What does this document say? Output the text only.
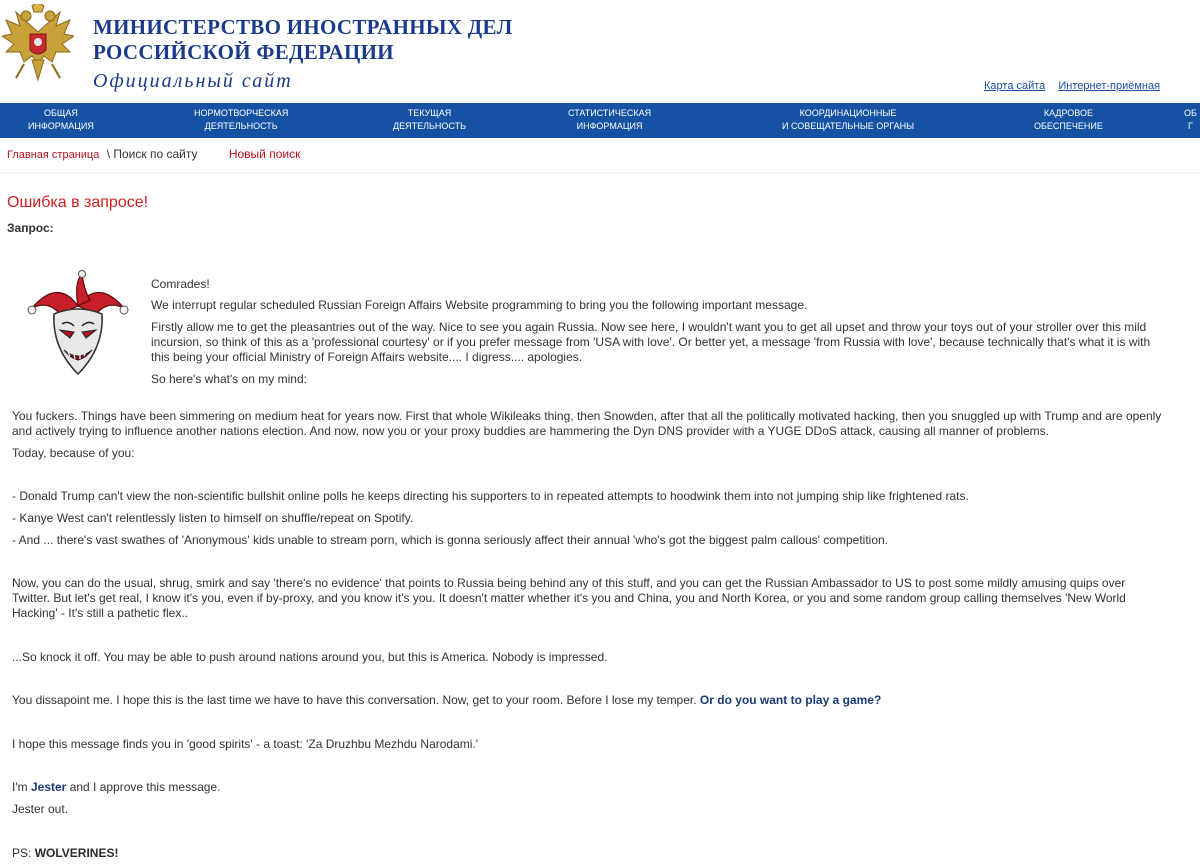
МИНИСТЕРСТВО ИНОСТРАННЫХ ДЕЛ
РОССИЙСКОЙ ФЕДЕРАЦИИ
Официальный сайт	Карта сайта Интернет-приёмная
ОБЩАЯ
ИНФОРМАЦИЯ
НОРМОТВОРЧЕСКАЯ
ДЕЯТЕЛЬНОСТЬ
ТЕКУЩАЯ
ДЕЯТЕЛЬНОСТЬ
СТАТИСТИЧЕСКАЯ
ИНФОРМАЦИЯ
КООРДИНАЦИОННЫЕ
И СОВЕЩАТЕЛЬНЫЕ ОРГАНЫ
КАДРОВОЕ
ОБЕСПЕЧЕНИЕ
ОБ
Г
Главная страница \ Поиск по сайту	Новый поиск
Ошибка в запросе!
Запрос:

Comrades!

We interrupt regular scheduled Russian Foreign Affairs Website programming to bring you the following important message.

Firstly allow me to get the pleasantries out of the way. Nice to see you again Russia. Now see here, I wouldn't want you to get all upset and throw your toys out of your stroller over this mild

incursion, so think of this as a 'professional courtesy' or if you prefer message from 'USA with love'. Or better yet, a message 'from Russia with love', because technically that's what it is with

this being your official Ministry of Foreign Affairs website.... I digress.... apologies.

So here's what's on my mind:

You fuckers. Things have been simmering on medium heat for years now. First that whole Wikileaks thing, then Snowden, after that all the politically motivated hacking, then you snuggled up with Trump and are openly

and actively trying to influence another nations election. And now, now you or your proxy buddies are hammering the Dyn DNS provider with a YUGE DDoS attack, causing all manner of problems.

Today, because of you:

- Donald Trump can't view the non-scientific bullshit online polls he keeps directing his supporters to in repeated attempts to hoodwink them into not jumping ship like frightened rats.

- Kanye West can't relentlessly listen to himself on shuffle/repeat on Spotify.

- And ... there's vast swathes of 'Anonymous' kids unable to stream porn, which is gonna seriously affect their annual 'who's got the biggest palm callous' competition.

Now, you can do the usual, shrug, smirk and say 'there's no evidence' that points to Russia being behind any of this stuff, and you can get the Russian Ambassador to US to post some mildly amusing quips over

Twitter. But let's get real, I know it's you, even if by-proxy, and you know it's you. It doesn't matter whether it's you and China, you and North Korea, or you and some random group calling themselves 'New World

Hacking' - It's still a pathetic flex..

...So knock it off. You may be able to push around nations around you, but this is America. Nobody is impressed.

You dissapoint me. I hope this is the last time we have to have this conversation. Now, get to your room. Before I lose my temper. Or do you want to play a game?

I hope this message finds you in 'good spirits' - a toast: 'Za Druzhbu Mezhdu Narodami.'

I'm Jester and I approve this message.

Jester out.

PS: WOLVERINES!
